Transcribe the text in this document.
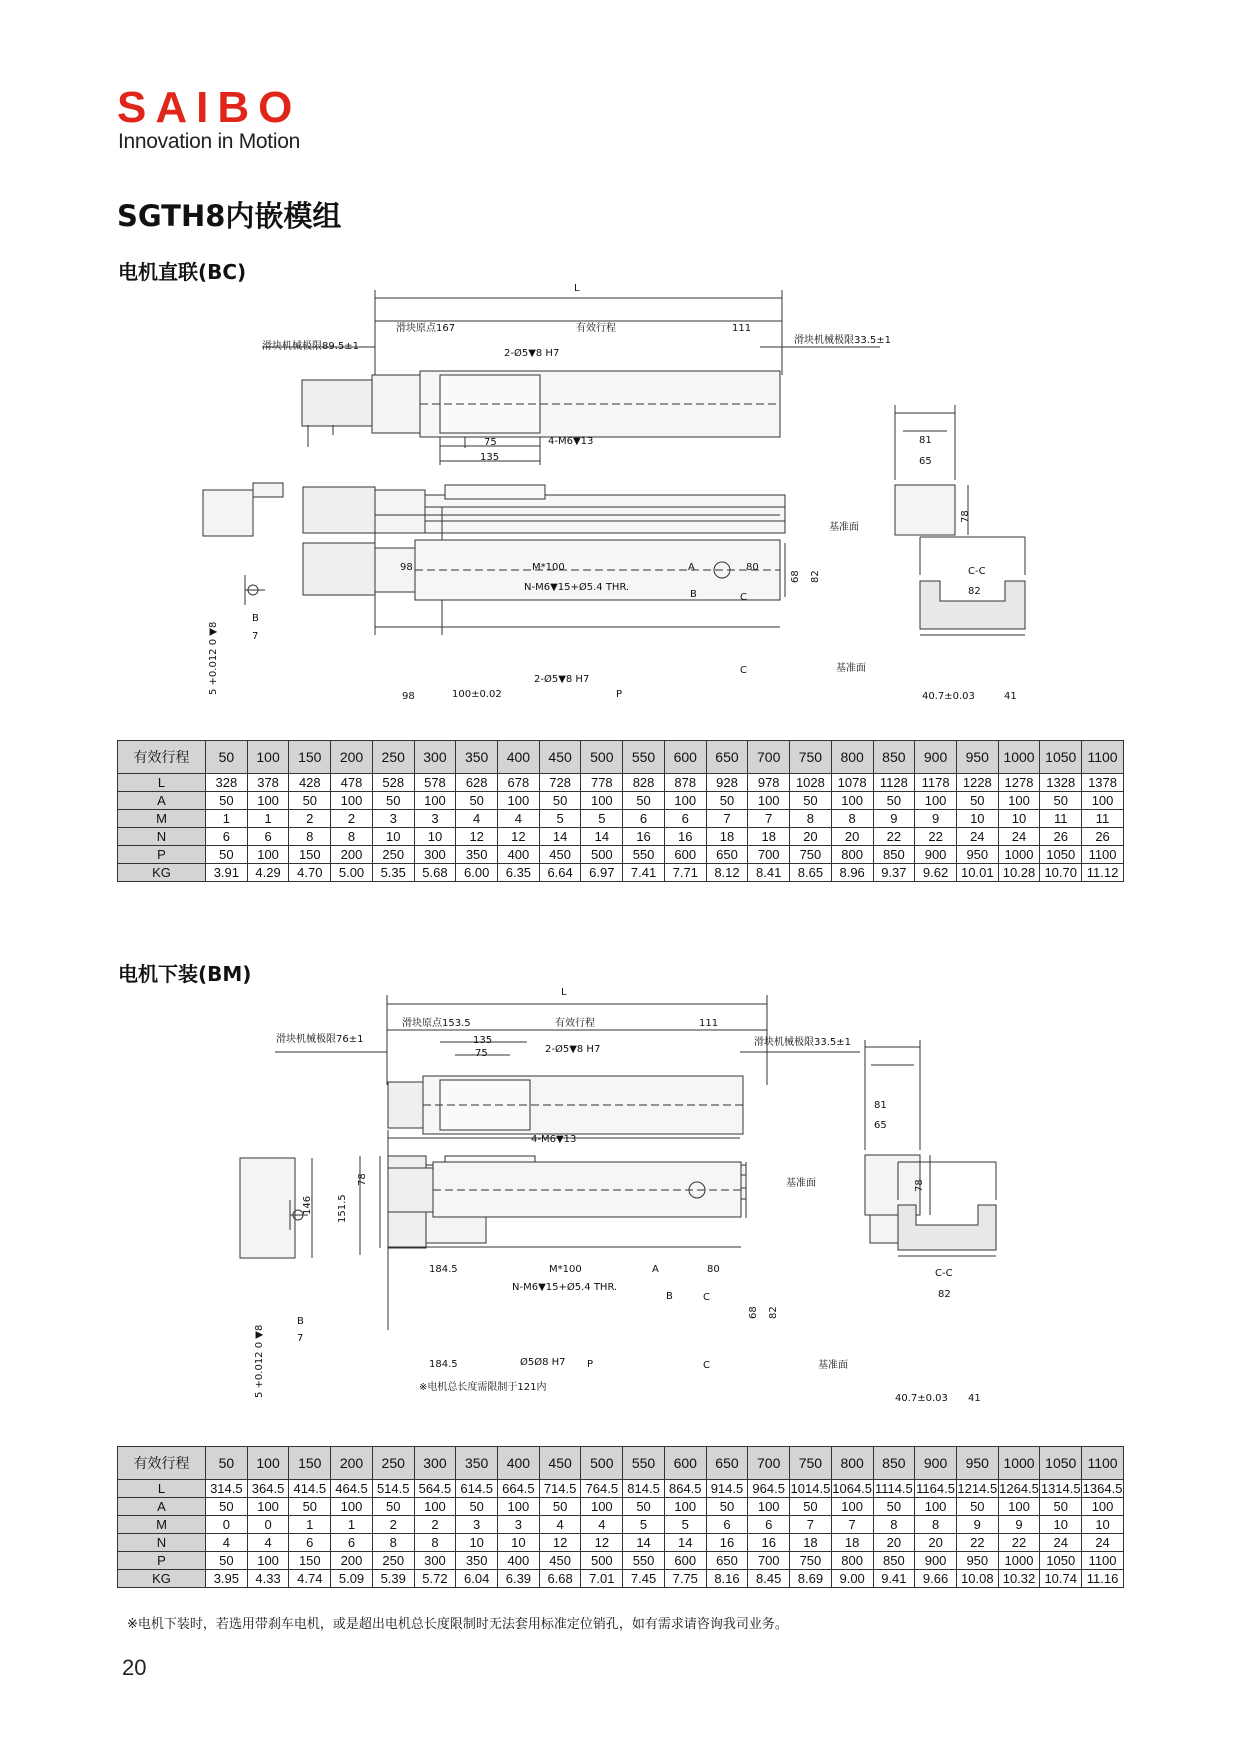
SAIBO
Innovation in Motion
SGTH8内嵌模组
电机直联(BC)
L
滑块原点167	有效行程	111
滑块机械极限89.5±1
滑块机械极限33.5±1
2-Ø5▼8 H7
75
135
4-M6▼13	81
65
78
基准面
98	M*100	A	80
N-M6▼15+Ø5.4 THR.
B	C
C
68 82
2-Ø5▼8 H7
98	100±0.02	P
B
7
5 +0.012 0 ▼8
C-C
82
基准面
40.7±0.03	41
有效行程	50	100	150	200	250	300	350	400	450	500	550	600	650	700	750	800	850	900	950	1000	1050	1100
L	328	378	428	478	528	578	628	678	728	778	828	878	928	978	1028	1078	1128	1178	1228	1278	1328	1378
A	50	100	50	100	50	100	50	100	50	100	50	100	50	100	50	100	50	100	50	100	50	100
M	1	1	2	2	3	3	4	4	5	5	6	6	7	7	8	8	9	9	10	10	11	11
N	6	6	8	8	10	10	12	12	14	14	16	16	18	18	20	20	22	22	24	24	26	26
P	50	100	150	200	250	300	350	400	450	500	550	600	650	700	750	800	850	900	950	1000	1050	1100
KG	3.91	4.29	4.70	5.00	5.35	5.68	6.00	6.35	6.64	6.97	7.41	7.71	8.12	8.41	8.65	8.96	9.37	9.62	10.01	10.28	10.70	11.12
电机下装(BM)
L
滑块原点153.5	有效行程	111
滑块机械极限76±1	滑块机械极限33.5±1
135
75	2-Ø5▼8 H7
4-M6▼13
81
65
78
78
146 151.5
基准面
184.5	M*100	A	80
N-M6▼15+Ø5.4 THR.
B	C
C
68 82
Ø5Ø8 H7
184.5	P
※电机总长度需限制于121内
B
7
5 +0.012 0 ▼8
C-C
82
基准面
40.7±0.03 41
有效行程	50	100	150	200	250	300	350	400	450	500	550	600	650	700	750	800	850	900	950	1000	1050	1100
L	314.5	364.5	414.5	464.5	514.5	564.5	614.5	664.5	714.5	764.5	814.5	864.5	914.5	964.5	1014.5	1064.5	1114.5	1164.5	1214.5	1264.5	1314.5	1364.5
A	50	100	50	100	50	100	50	100	50	100	50	100	50	100	50	100	50	100	50	100	50	100
M	0	0	1	1	2	2	3	3	4	4	5	5	6	6	7	7	8	8	9	9	10	10
N	4	4	6	6	8	8	10	10	12	12	14	14	16	16	18	18	20	20	22	22	24	24
P	50	100	150	200	250	300	350	400	450	500	550	600	650	700	750	800	850	900	950	1000	1050	1100
KG	3.95	4.33	4.74	5.09	5.39	5.72	6.04	6.39	6.68	7.01	7.45	7.75	8.16	8.45	8.69	9.00	9.41	9.66	10.08	10.32	10.74	11.16
※电机下装时，若选用带刹车电机，或是超出电机总长度限制时无法套用标准定位销孔，如有需求请咨询我司业务。
20
